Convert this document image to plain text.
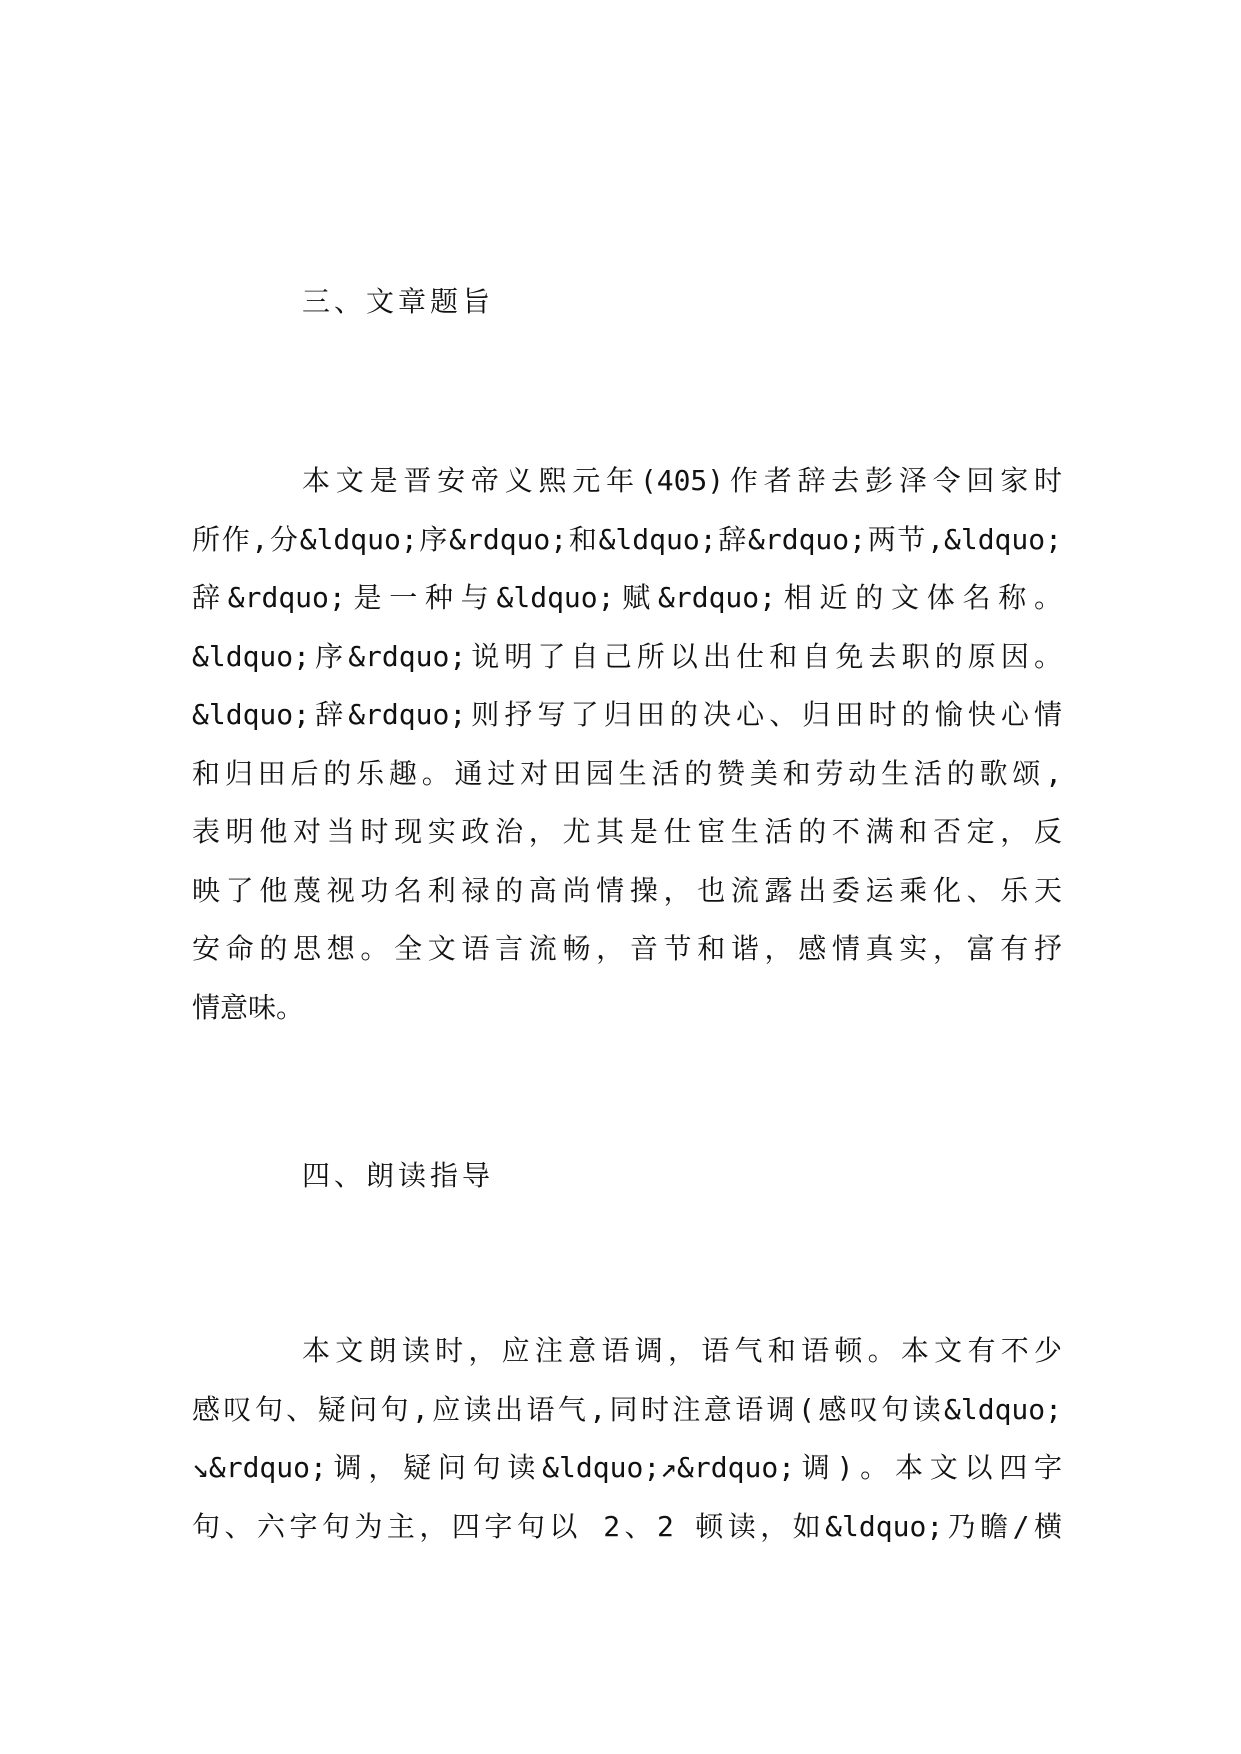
三、文章题旨
本文是晋安帝义熙元年(405)作者辞去彭泽令回家时
所作,分&ldquo;序&rdquo;和&ldquo;辞&rdquo;两节,&ldquo;
辞&rdquo;是一种与&ldquo;赋&rdquo;相近的文体名称。
&ldquo;序&rdquo;说明了自己所以出仕和自免去职的原因。
&ldquo;辞&rdquo;则抒写了归田的决心、归田时的愉快心情
和归田后的乐趣。通过对田园生活的赞美和劳动生活的歌颂,
表明他对当时现实政治，尤其是仕宦生活的不满和否定，反
映了他蔑视功名利禄的高尚情操，也流露出委运乘化、乐天
安命的思想。全文语言流畅，音节和谐，感情真实，富有抒
情意味。
四、朗读指导
本文朗读时，应注意语调，语气和语顿。本文有不少
感叹句、疑问句,应读出语气,同时注意语调(感叹句读&ldquo;
↘&rdquo;调，疑问句读&ldquo;↗&rdquo;调)。本文以四字
句、六字句为主，四字句以 2、2 顿读，如&ldquo;乃瞻/横
